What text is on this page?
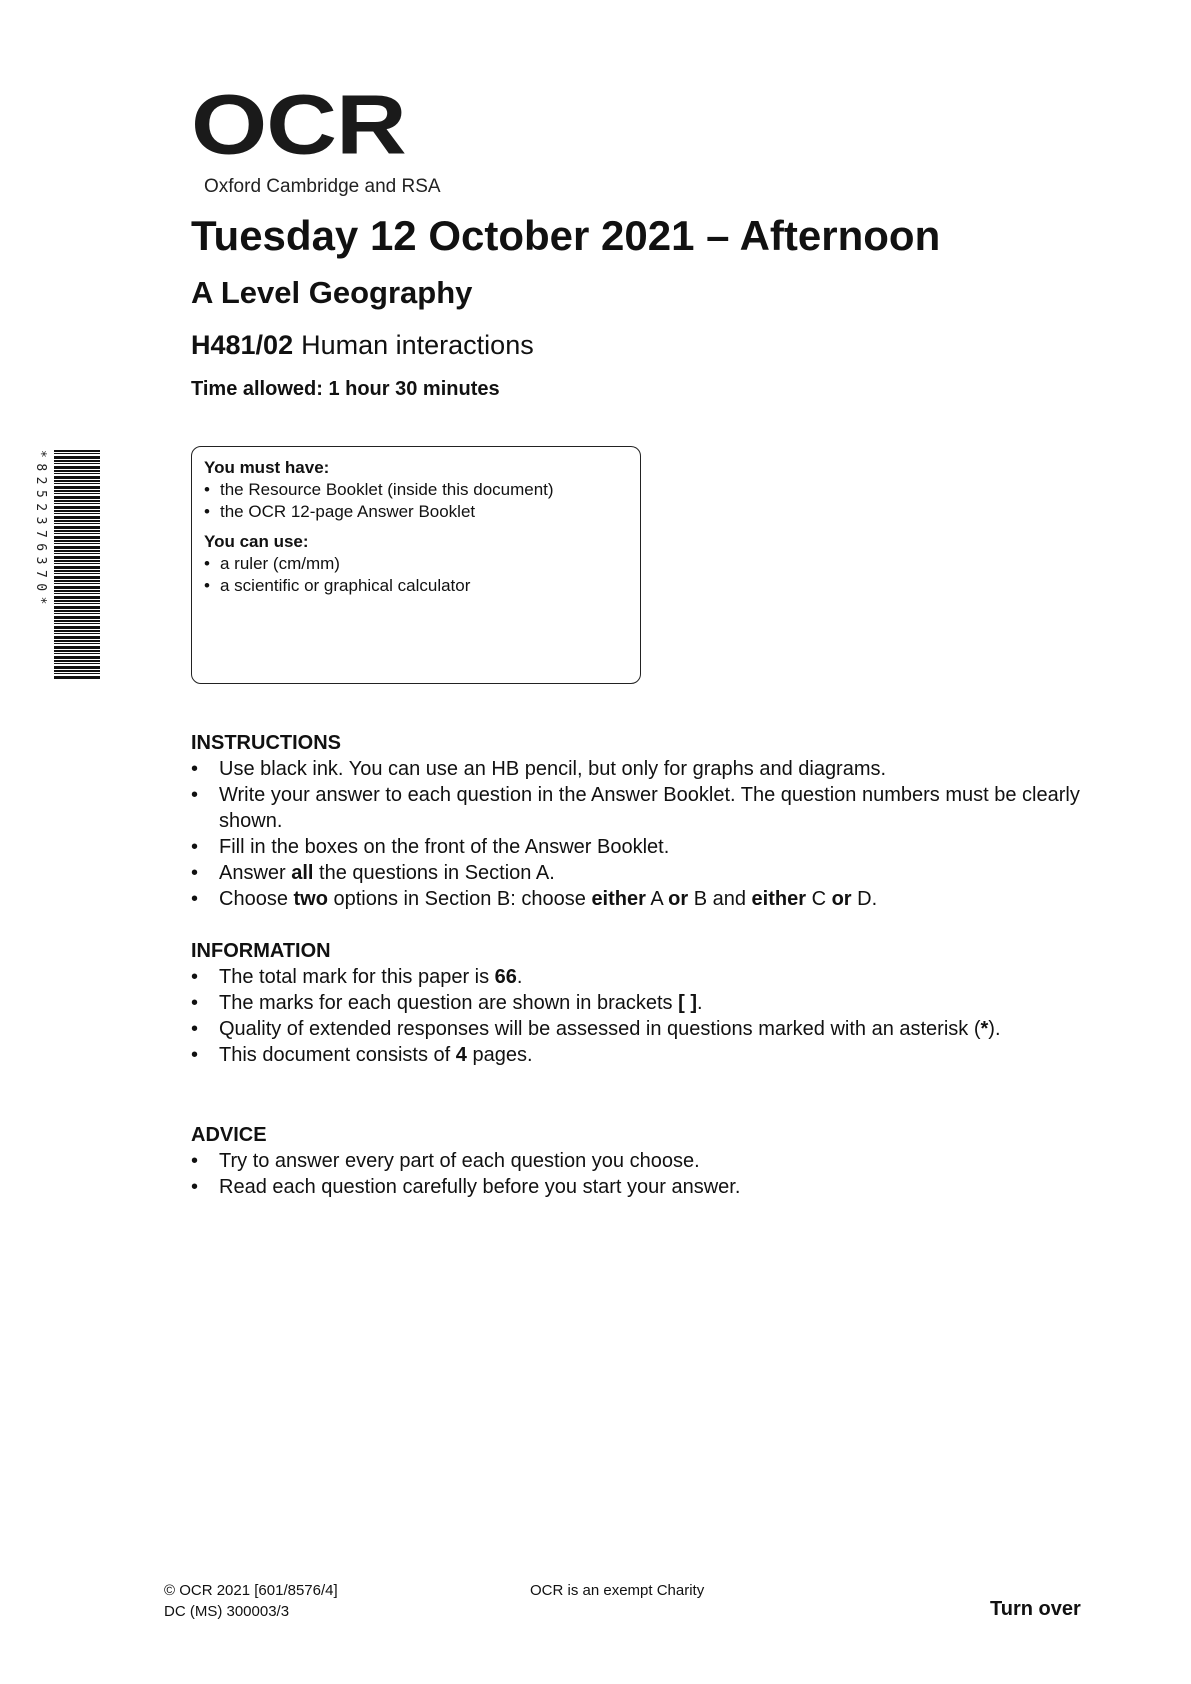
OCR
Oxford Cambridge and RSA
Tuesday 12 October 2021 – Afternoon
A Level Geography
H481/02 Human interactions
Time allowed: 1 hour 30 minutes
*8252376370*	You must have:
• the Resource Booklet (inside this document)
• the OCR 12-page Answer Booklet
You can use:
• a ruler (cm/mm)
• a scientific or graphical calculator
INSTRUCTIONS
• Use black ink. You can use an HB pencil, but only for graphs and diagrams.
• Write your answer to each question in the Answer Booklet. The question numbers must be clearly shown.
• Fill in the boxes on the front of the Answer Booklet.
• Answer all the questions in Section A.
• Choose two options in Section B: choose either A or B and either C or D.
INFORMATION
• The total mark for this paper is 66.
• The marks for each question are shown in brackets [ ].
• Quality of extended responses will be assessed in questions marked with an asterisk (*).
• This document consists of 4 pages.
ADVICE
• Try to answer every part of each question you choose.
• Read each question carefully before you start your answer.
© OCR 2021 [601/8576/4]
DC (MS) 300003/3
OCR is an exempt Charity
Turn over
